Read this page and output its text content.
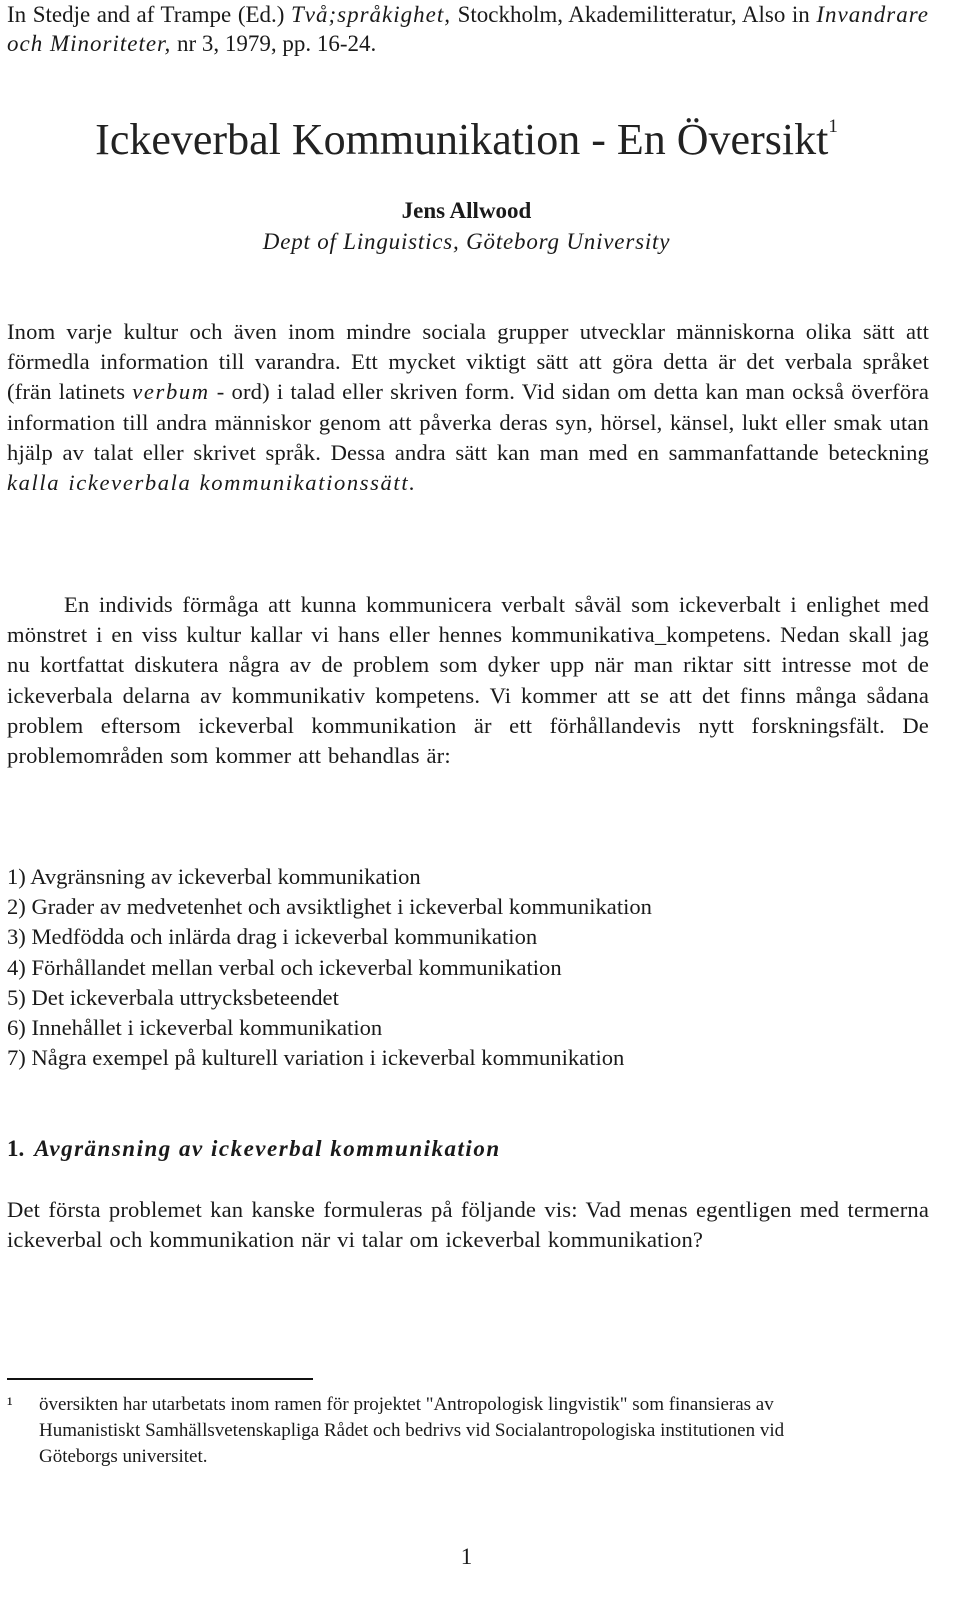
In Stedje and af Trampe (Ed.) Två;språkighet, Stockholm, Akademilitteratur, Also in Invandrare och Minoriteter, nr 3, 1979, pp. 16-24.
Ickeverbal Kommunikation - En Översikt$^1$
Jens Allwood
Dept of Linguistics, Göteborg University

Inom varje kultur och även inom mindre sociala grupper utvecklar människorna olika sätt att förmedla information till varandra. Ett mycket viktigt sätt att göra detta är det verbala språket (frän latinets verbum - ord) i talad eller skriven form. Vid sidan om detta kan man också överföra information till andra människor genom att påverka deras syn, hörsel, känsel, lukt eller smak utan hjälp av talat eller skrivet språk. Dessa andra sätt kan man med en sammanfattande beteckning kalla ickeverbala kommunikationssätt.

En individs förmåga att kunna kommunicera verbalt såväl som ickeverbalt i enlighet med mönstret i en viss kultur kallar vi hans eller hennes kommunikativa_kompetens. Nedan skall jag nu kortfattat diskutera några av de problem som dyker upp när man riktar sitt intresse mot de ickeverbala delarna av kommunikativ kompetens. Vi kommer att se att det finns många sådana problem eftersom ickeverbal kommunikation är ett förhållandevis nytt forskningsfält. De problemområden som kommer att behandlas är:

1) Avgränsning av ickeverbal kommunikation
2) Grader av medvetenhet och avsiktlighet i ickeverbal kommunikation
3) Medfödda och inlärda drag i ickeverbal kommunikation
4) Förhållandet mellan verbal och ickeverbal kommunikation
5) Det ickeverbala uttrycksbeteendet
6) Innehållet i ickeverbal kommunikation
7) Några exempel på kulturell variation i ickeverbal kommunikation
1. Avgränsning av ickeverbal kommunikation

Det första problemet kan kanske formuleras på följande vis: Vad menas egentligen med termerna ickeverbal och kommunikation när vi talar om ickeverbal kommunikation?

¹ översikten har utarbetats inom ramen för projektet "Antropologisk lingvistik" som finansieras av Humanistiskt Samhällsvetenskapliga Rådet och bedrivs vid Socialantropologiska institutionen vid Göteborgs universitet.
1
